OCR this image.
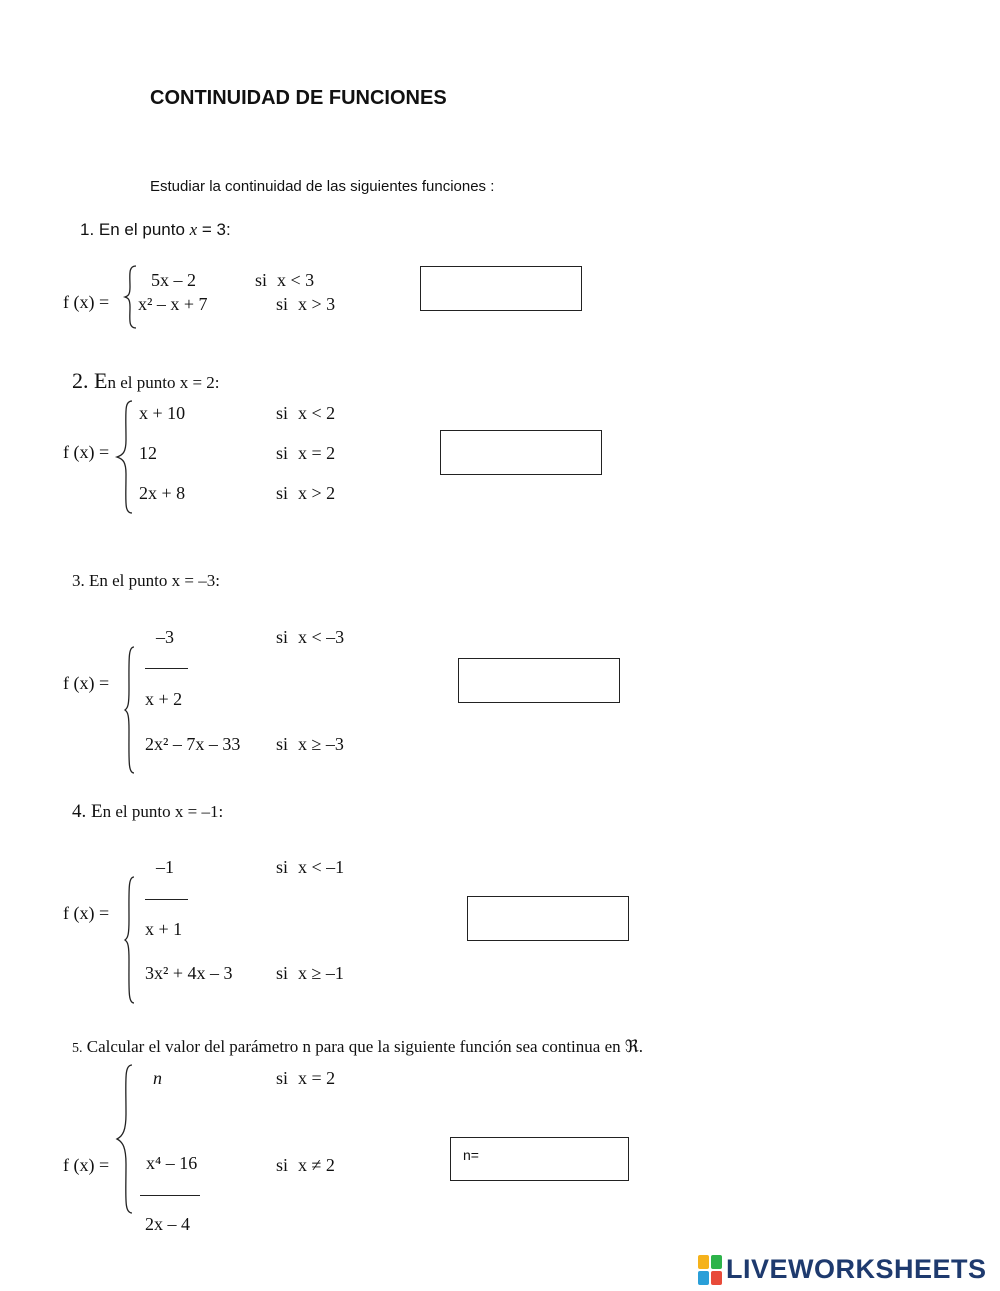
CONTINUIDAD DE FUNCIONES
Estudiar la continuidad de las siguientes funciones :
1. En el punto x = 3:
f (x) =
5x – 2	si x < 3
x² – x + 7	si x > 3
2. En el punto x = 2:
f (x) =
x + 10	si x < 2
12	si x = 2
2x + 8	si x > 2
3. En el punto x = –3:
f (x) =
–3
x + 2
si x < –3
2x² – 7x – 33 si x ≥ –3
4. En el punto x = –1:
f (x) =
–1
x + 1
si x < –1
3x² + 4x – 3 si x ≥ –1
5. Calcular el valor del parámetro n para que la siguiente función sea continua en ℜ.
f (x) =
n	si x = 2
x⁴ – 16
2x – 4
si x ≠ 2	n=
LIVEWORKSHEETS
